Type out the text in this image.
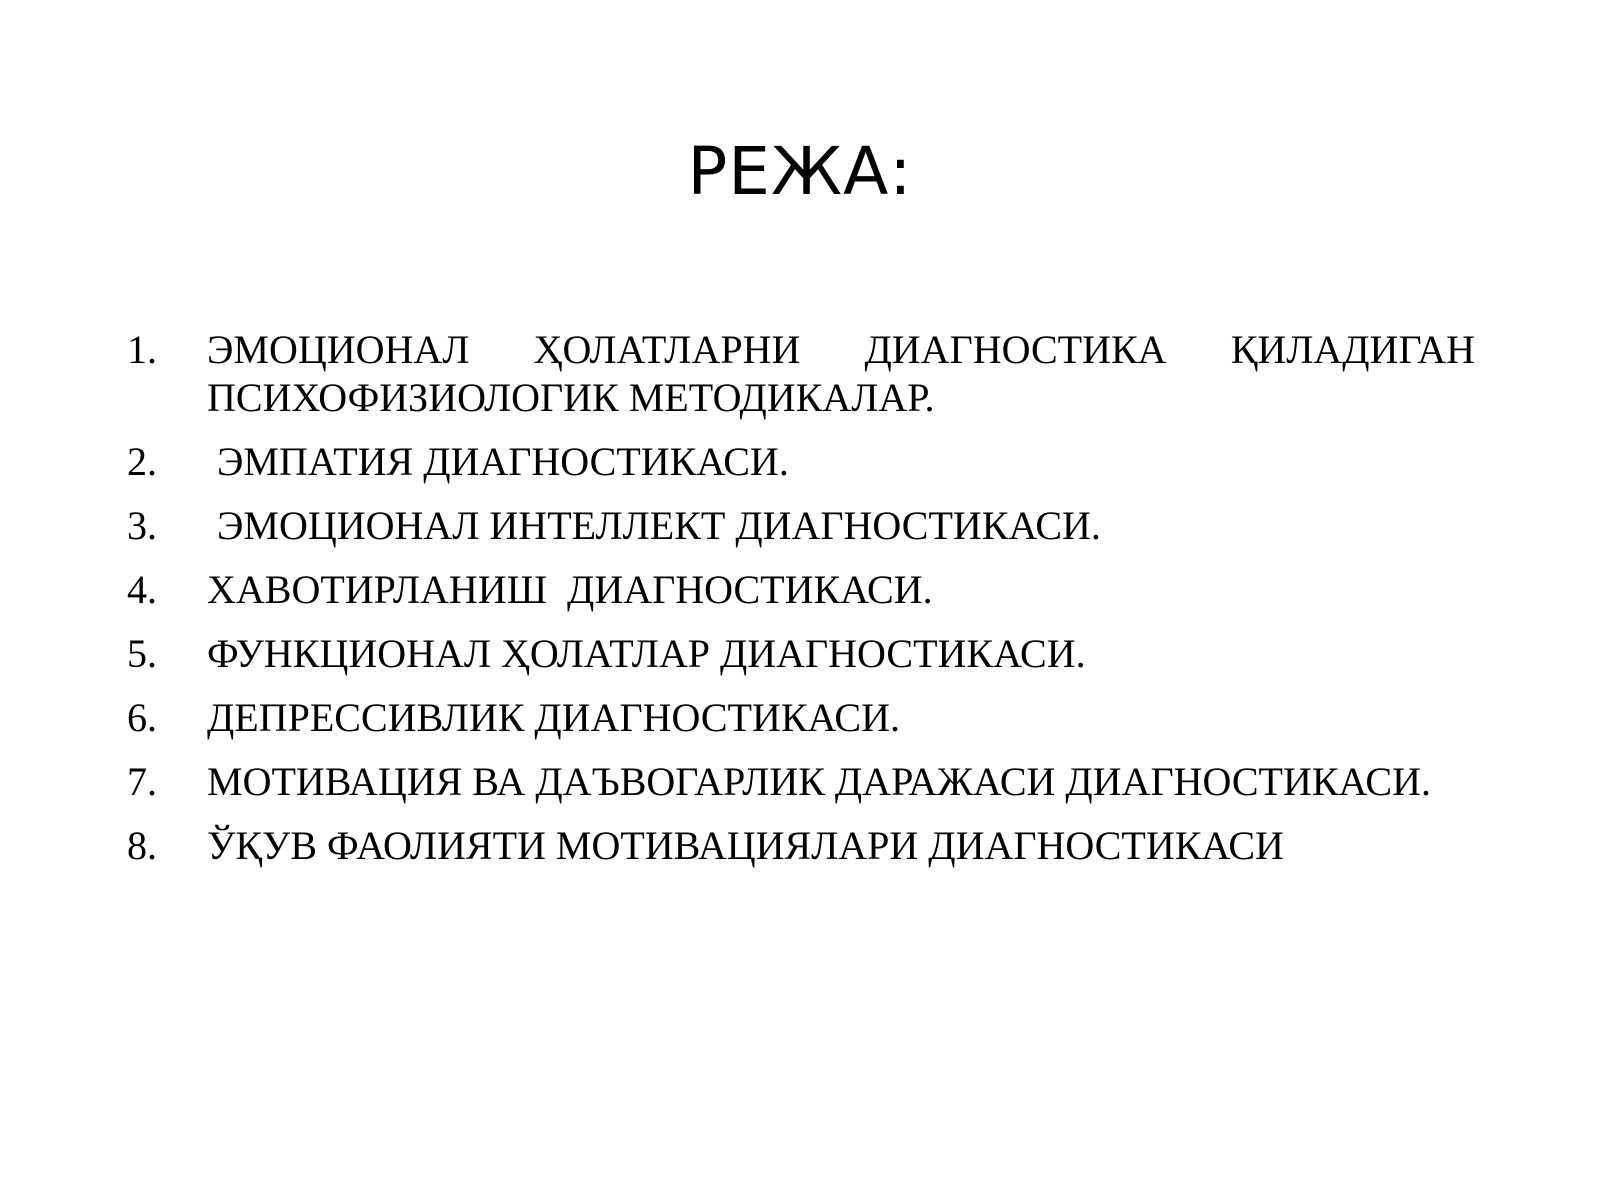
РЕЖА:
1.	ЭМОЦИОНАЛ ҲОЛАТЛАРНИ ДИАГНОСТИКА ҚИЛАДИГАН ПСИХОФИЗИОЛОГИК МЕТОДИКАЛАР.
2.	ЭМПАТИЯ ДИАГНОСТИКАСИ.
3.	ЭМОЦИОНАЛ ИНТЕЛЛЕКТ ДИАГНОСТИКАСИ.
4.	ХАВОТИРЛАНИШ  ДИАГНОСТИКАСИ.
5.	ФУНКЦИОНАЛ ҲОЛАТЛАР ДИАГНОСТИКАСИ.
6.	ДЕПРЕССИВЛИК ДИАГНОСТИКАСИ.
7.	МОТИВАЦИЯ ВА ДАЪВОГАРЛИК ДАРАЖАСИ ДИАГНОСТИКАСИ.
8.	ЎҚУВ ФАОЛИЯТИ МОТИВАЦИЯЛАРИ ДИАГНОСТИКАСИ
